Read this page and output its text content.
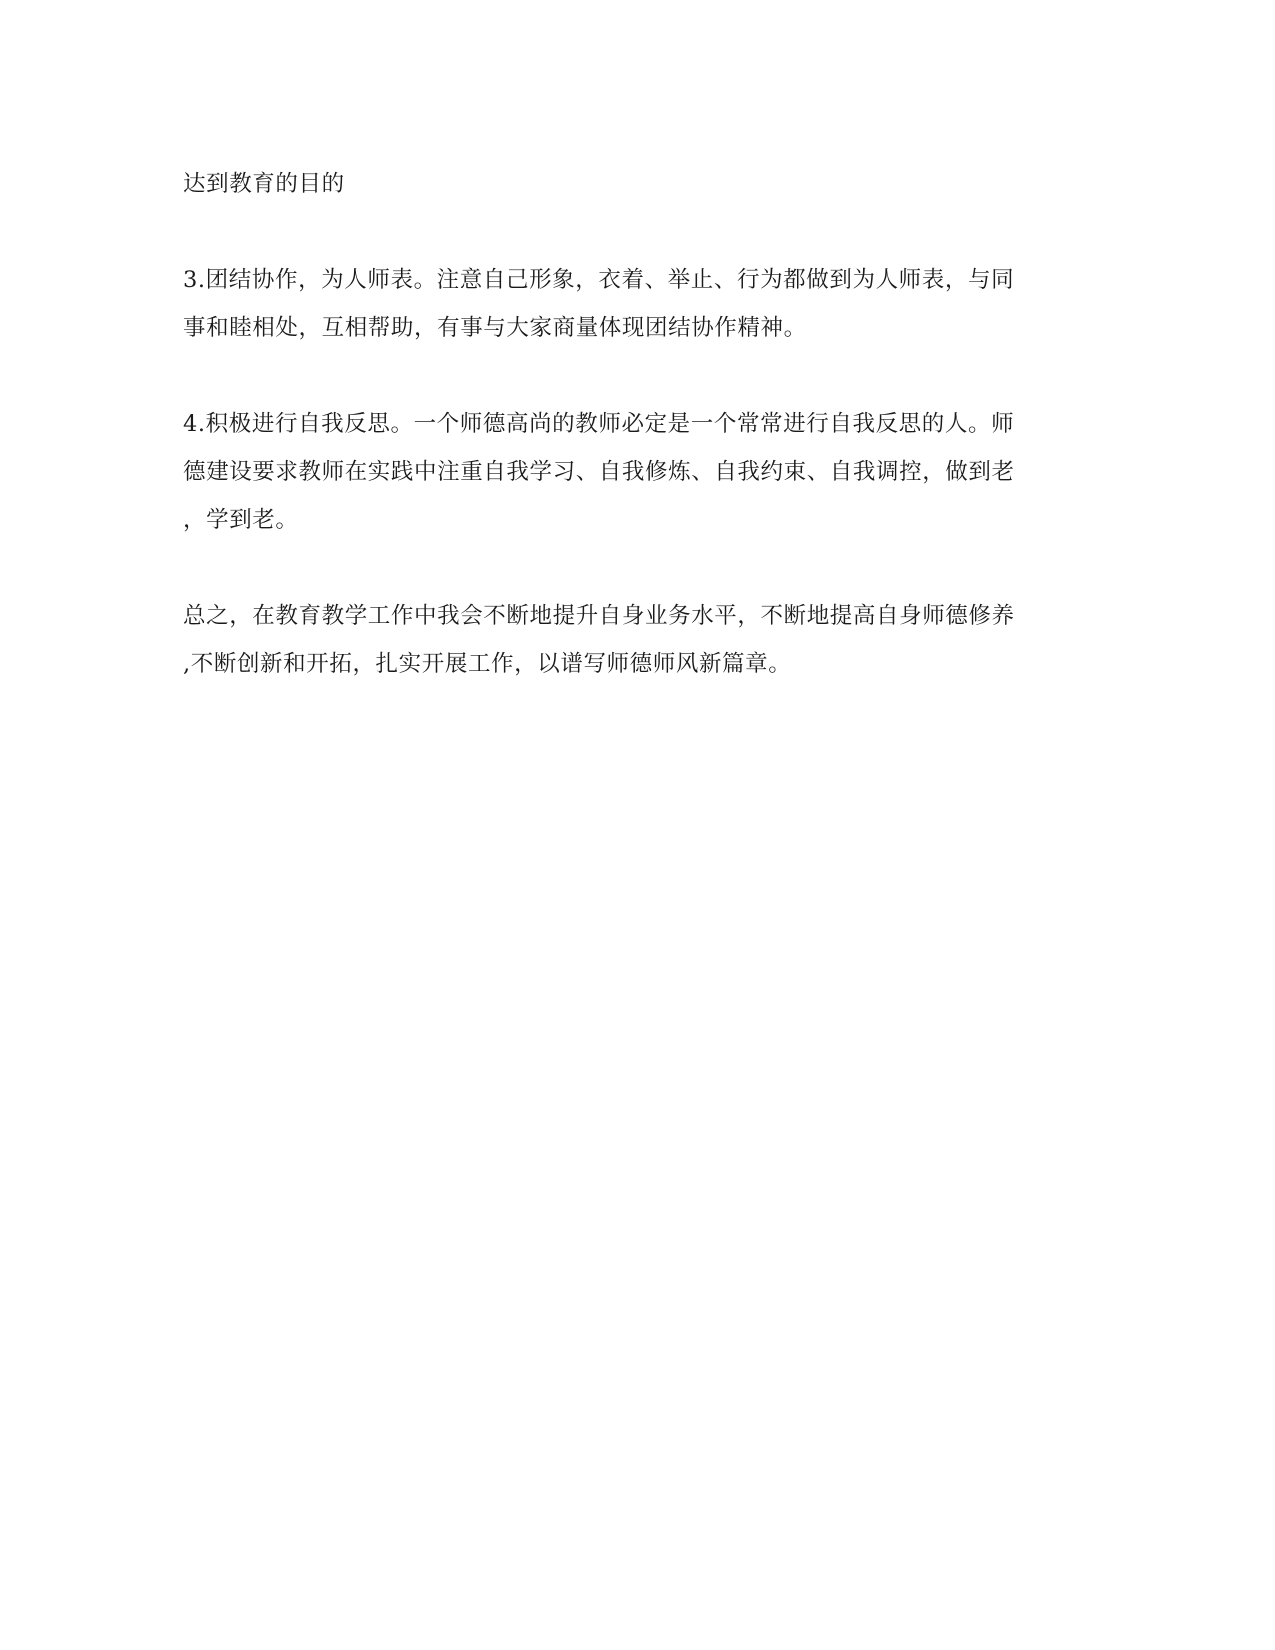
达到教育的目的

3.团结协作，为人师表。注意自己形象，衣着、举止、行为都做到为人师表，与同
事和睦相处，互相帮助，有事与大家商量体现团结协作精神。

4.积极进行自我反思。一个师德高尚的教师必定是一个常常进行自我反思的人。师
德建设要求教师在实践中注重自我学习、自我修炼、自我约束、自我调控，做到老
，学到老。

总之，在教育教学工作中我会不断地提升自身业务水平，不断地提高自身师德修养
,不断创新和开拓，扎实开展工作，以谱写师德师风新篇章。
